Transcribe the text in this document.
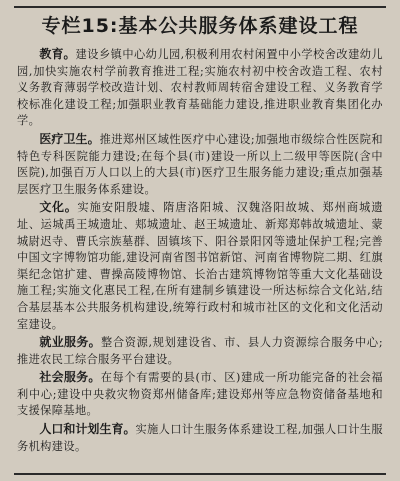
专栏15:基本公共服务体系建设工程

教育。建设乡镇中心幼儿园,积极利用农村闲置中小学校舍改建幼儿园,加快实施农村学前教育推进工程;实施农村初中校舍改造工程、农村义务教育薄弱学校改造计划、农村教师周转宿舍建设工程、义务教育学校标准化建设工程;加强职业教育基础能力建设,推进职业教育集团化办学。

医疗卫生。推进郑州区域性医疗中心建设;加强地市级综合性医院和特色专科医院能力建设;在每个县(市)建设一所以上二级甲等医院(含中医院),加强百万人口以上的大县(市)医疗卫生服务能力建设;重点加强基层医疗卫生服务体系建设。

文化。实施安阳殷墟、隋唐洛阳城、汉魏洛阳故城、郑州商城遗址、运城禹王城遗址、郏城遗址、赵王城遗址、新郑郑韩故城遗址、蒙城尉迟寺、曹氏宗族墓群、固镇垓下、阳谷景阳冈等遗址保护工程;完善中国文字博物馆功能,建设河南省图书馆新馆、河南省博物院二期、红旗渠纪念馆扩建、曹操高陵博物馆、长治古建筑博物馆等重大文化基础设施工程;实施文化惠民工程,在所有建制乡镇建设一所达标综合文化站,结合基层基本公共服务机构建设,统筹行政村和城市社区的文化和文化活动室建设。

就业服务。整合资源,规划建设省、市、县人力资源综合服务中心;推进农民工综合服务平台建设。

社会服务。在每个有需要的县(市、区)建成一所功能完备的社会福利中心;建设中央救灾物资郑州储备库;建设郑州等应急物资储备基地和支援保障基地。

人口和计划生育。实施人口计生服务体系建设工程,加强人口计生服务机构建设。
